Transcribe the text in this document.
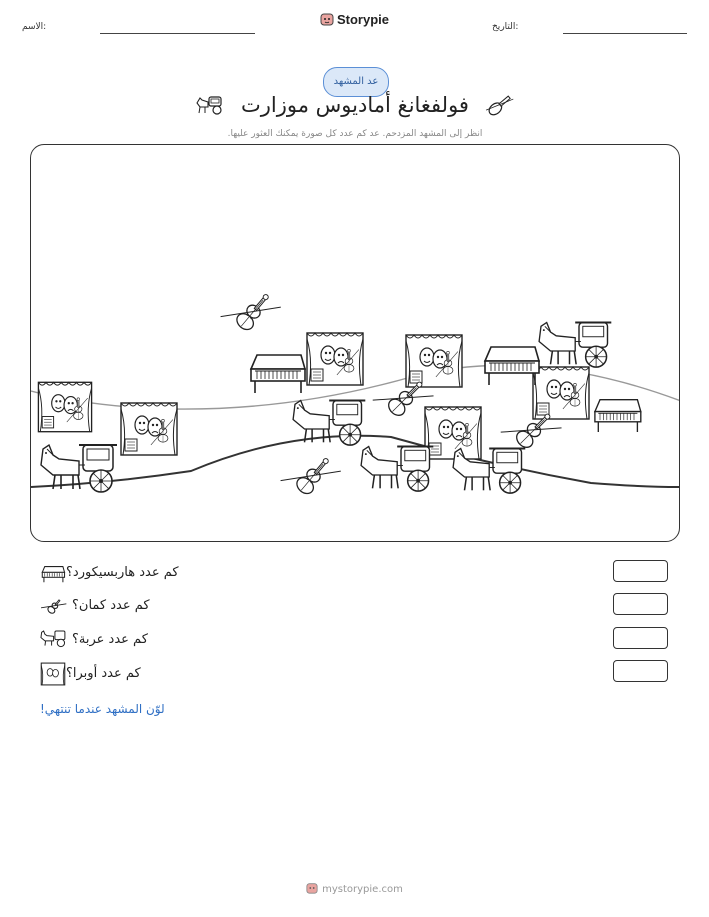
Storypie
الاسم:	التاريخ:
عد المشهد
فولفغانغ أماديوس موزارت
انظر إلى المشهد المزدحم. عد كم عدد كل صورة يمكنك العثور عليها.
كم عدد هاربسيكورد؟
كم عدد كمان؟
كم عدد عربة؟
كم عدد أوبرا؟
لوّن المشهد عندما تنتهي!
mystorypie.com
